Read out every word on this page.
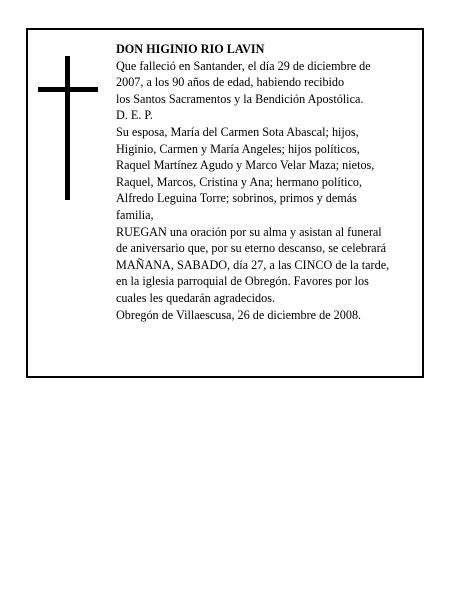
DON HIGINIO RIO LAVIN
Que falleció en Santander, el día 29 de diciembre de
2007, a los 90 años de edad, habiendo recibido
los Santos Sacramentos y la Bendición Apostólica.
D. E. P.
Su esposa, María del Carmen Sota Abascal; hijos,
Higinio, Carmen y María Angeles; hijos políticos,
Raquel Martínez Agudo y Marco Velar Maza; nietos,
Raquel, Marcos, Cristina y Ana; hermano político,
Alfredo Leguina Torre; sobrinos, primos y demás
familia,
RUEGAN una oración por su alma y asistan al funeral
de aniversario que, por su eterno descanso, se celebrará
MAÑANA, SABADO, día 27, a las CINCO de la tarde,
en la iglesia parroquial de Obregón. Favores por los
cuales les quedarán agradecidos.
Obregón de Villaescusa, 26 de diciembre de 2008.
